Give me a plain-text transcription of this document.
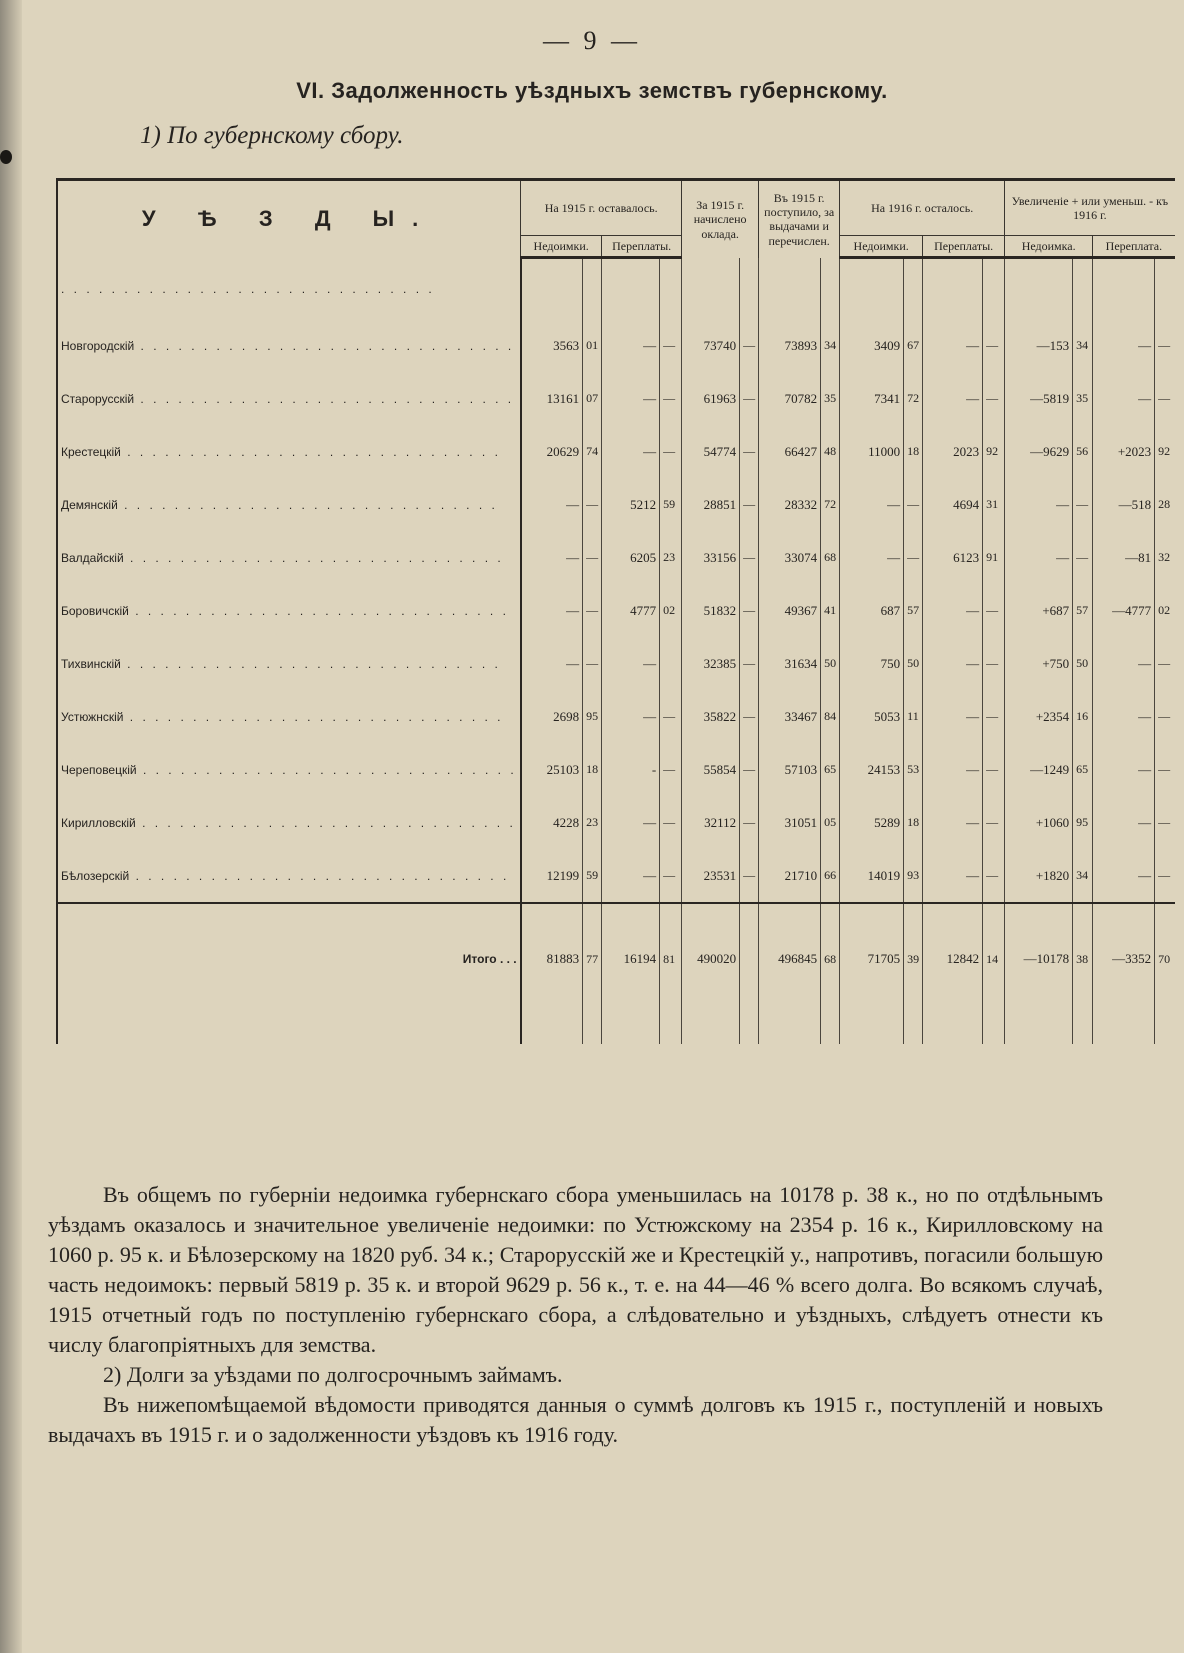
— 9 —
VI. Задолженность уѣздныхъ земствъ губернскому.
1) По губернскому сбору.
У Ѣ З Д Ы.	На 1915 г. оставалось.				За 1915 г. начислено оклада.		Въ 1915 г. поступило, за выдачами и перечислен.		На 1916 г. осталось.				Увеличеніе + или уменьш. - къ 1916 г.			
	Недоимки.		Переплаты.						Недоимки.		Переплаты.		Недоимка.		Переплата.	
. . .																
Новгородскій . . .	3563	01	—	—	73740	—	73893	34	3409	67	—	—	—153	34	—	—
Старорусскій . . .	13161	07	—	—	61963	—	70782	35	7341	72	—	—	—5819	35	—	—
Крестецкій . . .	20629	74	—	—	54774	—	66427	48	11000	18	2023	92	—9629	56	+2023	92
Демянскій . . .	—	—	5212	59	28851	—	28332	72	—	—	4694	31	—	—	—518	28
Валдайскій . . .	—	—	6205	23	33156	—	33074	68	—	—	6123	91	—	—	—81	32
Боровичскій . . .	—	—	4777	02	51832	—	49367	41	687	57	—	—	+687	57	—4777	02
Тихвинскій . . .	—	—	—		32385	—	31634	50	750	50	—	—	+750	50	—	—
Устюжнскій . . .	2698	95	—	—	35822	—	33467	84	5053	11	—	—	+2354	16	—	—
Череповецкій . . .	25103	18	-	—	55854	—	57103	65	24153	53	—	—	—1249	65	—	—
Кирилловскій . . .	4228	23	—	—	32112	—	31051	05	5289	18	—	—	+1060	95	—	—
Бѣлозерскій . . .	12199	59	—	—	23531	—	21710	66	14019	93	—	—	+1820	34	—	—
Итого . . .	81883	77	16194	81	490020		496845	68	71705	39	12842	14	—10178	38	—3352	70

Въ общемъ по губерніи недоимка губернскаго сбора уменьшилась на 10178 р. 38 к., но по отдѣльнымъ уѣздамъ оказалось и значительное увеличеніе недоимки: по Устюжскому на 2354 р. 16 к., Кирилловскому на 1060 р. 95 к. и Бѣлозерскому на 1820 руб. 34 к.; Старорусскій же и Крестецкій у., напротивъ, погасили большую часть недоимокъ: первый 5819 р. 35 к. и второй 9629 р. 56 к., т. е. на 44—46 % всего долга. Во всякомъ случаѣ, 1915 отчетный годъ по поступленію губернскаго сбора, а слѣдовательно и уѣздныхъ, слѣдуетъ отнести къ числу благопріятныхъ для земства.

2) Долги за уѣздами по долгосрочнымъ займамъ.

Въ нижепомѣщаемой вѣдомости приводятся данныя о суммѣ долговъ къ 1915 г., поступленій и новыхъ выдачахъ въ 1915 г. и о задолженности уѣздовъ къ 1916 году.
